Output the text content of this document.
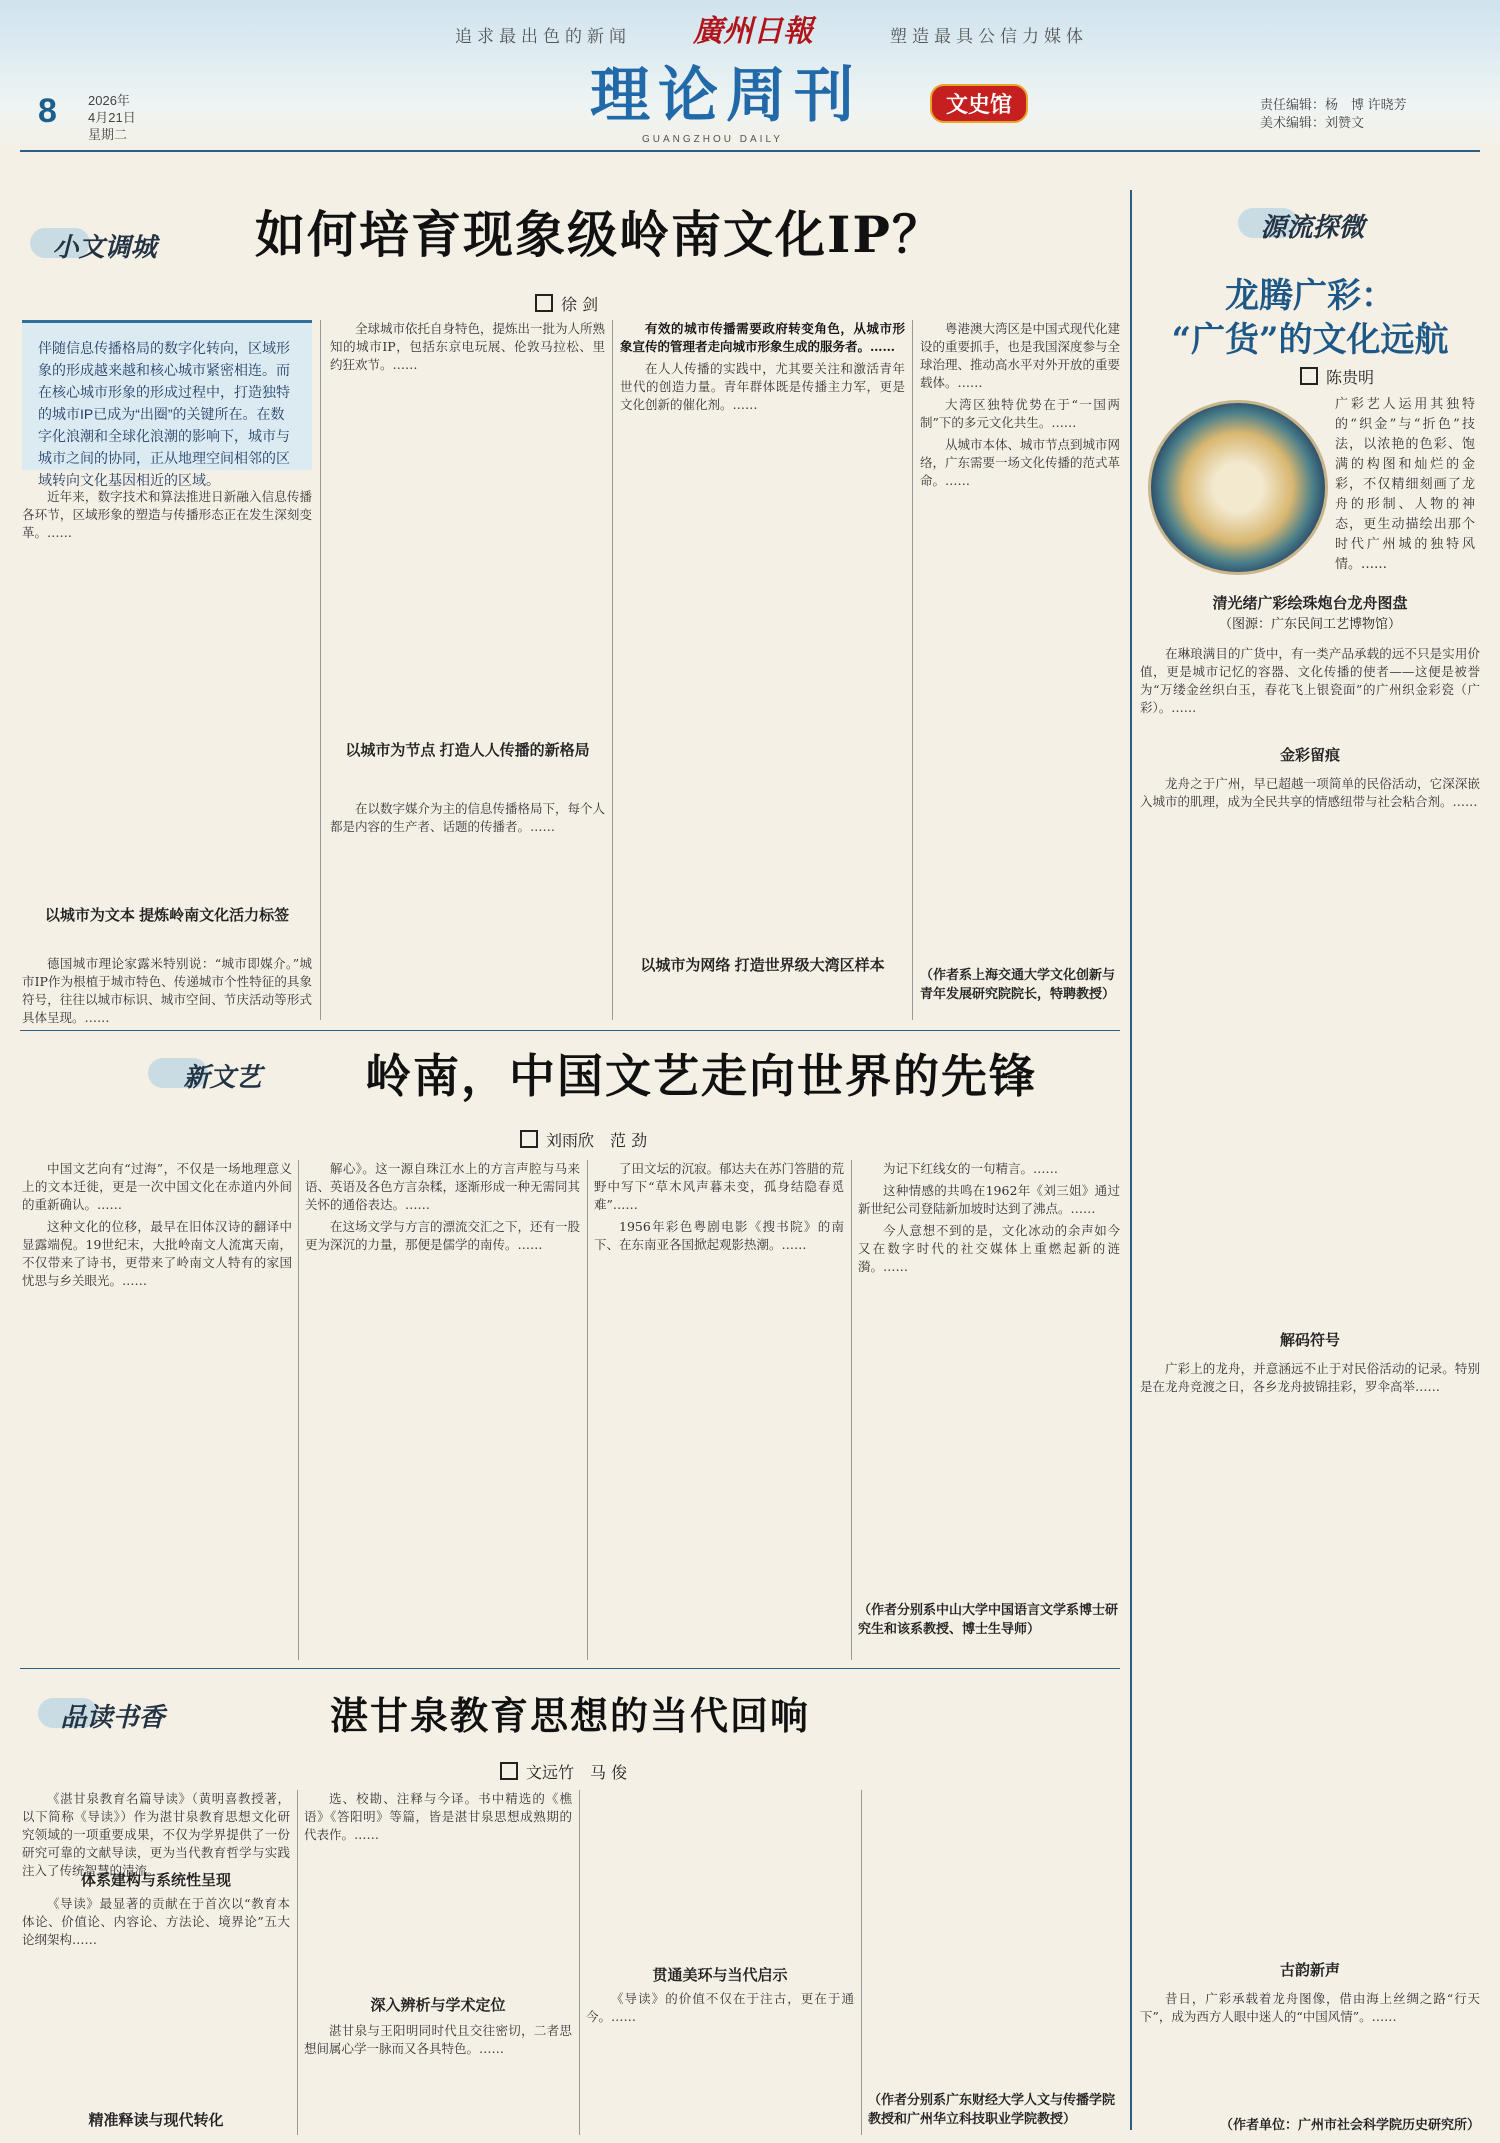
追求最出色的新闻	廣州日報	塑造最具公信力媒体
8 2026年
4月21日
星期二
理论周刊	文史馆
GUANGZHOU DAILY
责任编辑：杨　博 许晓芳
美术编辑：刘赞文
小文调城 如何培育现象级岭南文化IP？
徐 剑
伴随信息传播格局的数字化转向，区域形象的形成越来越和核心城市紧密相连。而在核心城市形象的形成过程中，打造独特的城市IP已成为“出圈”的关键所在。在数字化浪潮和全球化浪潮的影响下，城市与城市之间的协同，正从地理空间相邻的区域转向文化基因相近的区域。

近年来，数字技术和算法推进日新融入信息传播各环节，区域形象的塑造与传播形态正在发生深刻变革。……

以城市为文本 提炼岭南文化活力标签

德国城市理论家露米特别说：“城市即媒介。”城市IP作为根植于城市特色、传递城市个性特征的具象符号，往往以城市标识、城市空间、节庆活动等形式具体呈现。……

全球城市依托自身特色，提炼出一批为人所熟知的城市IP，包括东京电玩展、伦敦马拉松、里约狂欢节。……

以城市为节点 打造人人传播的新格局

在以数字媒介为主的信息传播格局下，每个人都是内容的生产者、话题的传播者。……

有效的城市传播需要政府转变角色，从城市形象宣传的管理者走向城市形象生成的服务者。……

在人人传播的实践中，尤其要关注和激活青年世代的创造力量。青年群体既是传播主力军，更是文化创新的催化剂。……

以城市为网络 打造世界级大湾区样本

粤港澳大湾区是中国式现代化建设的重要抓手，也是我国深度参与全球治理、推动高水平对外开放的重要载体。……

大湾区独特优势在于“一国两制”下的多元文化共生。……

从城市本体、城市节点到城市网络，广东需要一场文化传播的范式革命。……

（作者系上海交通大学文化创新与青年发展研究院院长，特聘教授）
新文艺 岭南，中国文艺走向世界的先锋
刘雨欣　范 劲

中国文艺向有“过海”，不仅是一场地理意义上的文本迁徙，更是一次中国文化在赤道内外间的重新确认。……

这种文化的位移，最早在旧体汉诗的翻译中显露端倪。19世纪末，大批岭南文人流寓天南，不仅带来了诗书，更带来了岭南文人特有的家国忧思与乡关眼光。……

解心》。这一源自珠江水上的方言声腔与马来语、英语及各色方言杂糅，逐渐形成一种无需同其关怀的通俗表达。……

在这场文学与方言的漂流交汇之下，还有一股更为深沉的力量，那便是儒学的南传。……

了田文坛的沉寂。郁达夫在苏门答腊的荒野中写下“草木风声暮未变，孤身结隐春觅难”……

1956年彩色粤剧电影《搜书院》的南下、在东南亚各国掀起观影热潮。……

为记下红线女的一句精言。……

这种情感的共鸣在1962年《刘三姐》通过新世纪公司登陆新加坡时达到了沸点。……

今人意想不到的是，文化冰动的余声如今又在数字时代的社交媒体上重燃起新的涟漪。……

（作者分别系中山大学中国语言文学系博士研究生和该系教授、博士生导师）
品读书香	湛甘泉教育思想的当代回响
文远竹　马 俊

《湛甘泉教育名篇导读》（黄明喜教授著，以下简称《导读》）作为湛甘泉教育思想文化研究领域的一项重要成果，不仅为学界提供了一份研究可靠的文献导读，更为当代教育哲学与实践注入了传统智慧的清流。

体系建构与系统性呈现

《导读》最显著的贡献在于首次以“教育本体论、价值论、内容论、方法论、境界论”五大论纲架构……

精准释读与现代转化

选、校勘、注释与今译。书中精选的《樵语》《答阳明》等篇，皆是湛甘泉思想成熟期的代表作。……

深入辨析与学术定位

湛甘泉与王阳明同时代且交往密切，二者思想间属心学一脉而又各具特色。……

贯通美环与当代启示

《导读》的价值不仅在于注古，更在于通今。……

（作者分别系广东财经大学人文与传播学院教授和广州华立科技职业学院教授）
源流探微
龙腾广彩：
“广货”的文化远航
陈贵明
广彩艺人运用其独特的“织金”与“折色”技法，以浓艳的色彩、饱满的构图和灿烂的金彩，不仅精细刻画了龙舟的形制、人物的神态，更生动描绘出那个时代广州城的独特风情。……
清光绪广彩绘珠炮台龙舟图盘
（图源：广东民间工艺博物馆）

在琳琅满目的广货中，有一类产品承载的远不只是实用价值，更是城市记忆的容器、文化传播的使者——这便是被誉为“万缕金丝织白玉，春花飞上银瓷面”的广州织金彩瓷（广彩）。……

金彩留痕

龙舟之于广州，早已超越一项简单的民俗活动，它深深嵌入城市的肌理，成为全民共享的情感纽带与社会粘合剂。……

解码符号

广彩上的龙舟，并意涵远不止于对民俗活动的记录。特别是在龙舟竞渡之日，各乡龙舟披锦挂彩，罗伞高举……

古韵新声

昔日，广彩承载着龙舟图像，借由海上丝绸之路“行天下”，成为西方人眼中迷人的“中国风情”。……

（作者单位：广州市社会科学院历史研究所）
